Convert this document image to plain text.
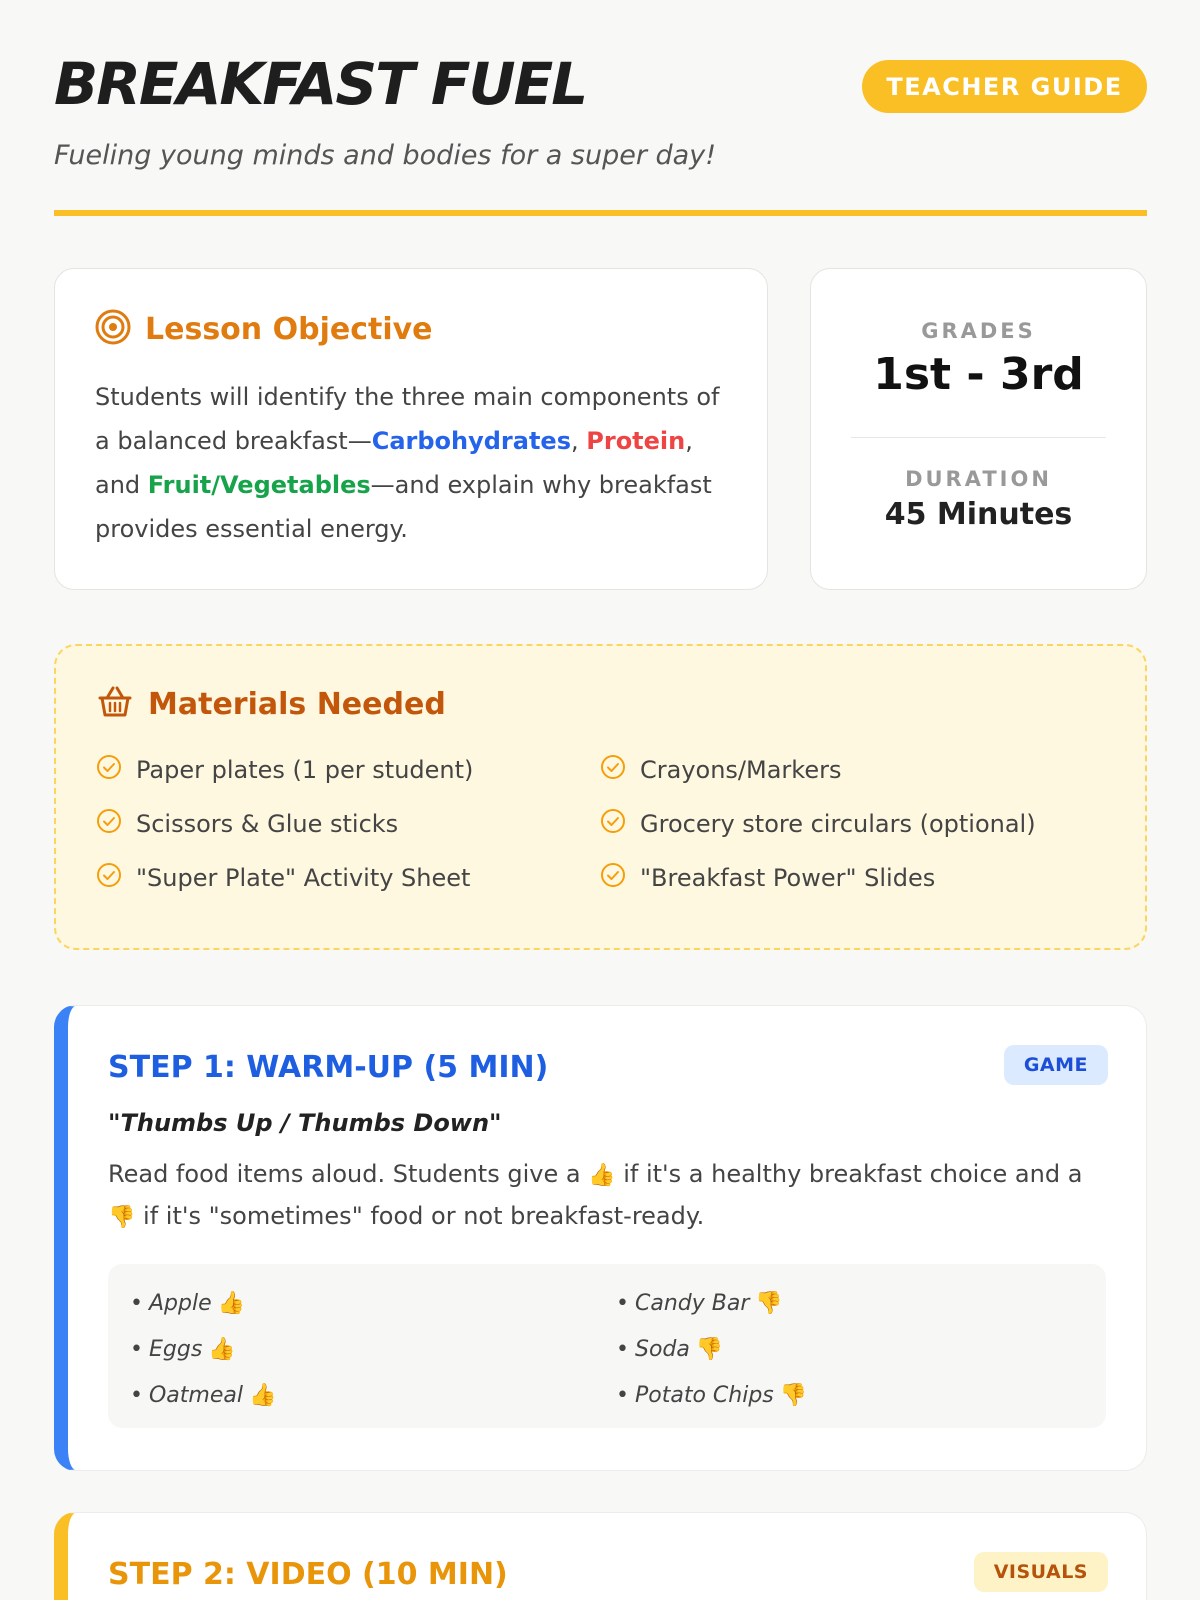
BREAKFAST FUEL	TEACHER GUIDE
Fueling young minds and bodies for a super day!
Lesson Objective

Students will identify the three main components of a balanced breakfast—Carbohydrates, Protein, and Fruit/Vegetables—and explain why breakfast provides essential energy.

GRADES
1st - 3rd
DURATION
45 Minutes
Materials Needed
Paper plates (1 per student)	Crayons/Markers
Scissors & Glue sticks	Grocery store circulars (optional)
"Super Plate" Activity Sheet	"Breakfast Power" Slides
STEP 1: WARM-UP (5 MIN)	GAME
"Thumbs Up / Thumbs Down"
Read food items aloud. Students give a 👍 if it's a healthy breakfast choice and a 👎 if it's "sometimes" food or not breakfast-ready.
• Apple 👍	• Candy Bar 👎
• Eggs 👍	• Soda 👎
• Oatmeal 👍	• Potato Chips 👎
STEP 2: VIDEO (10 MIN)	VISUALS
